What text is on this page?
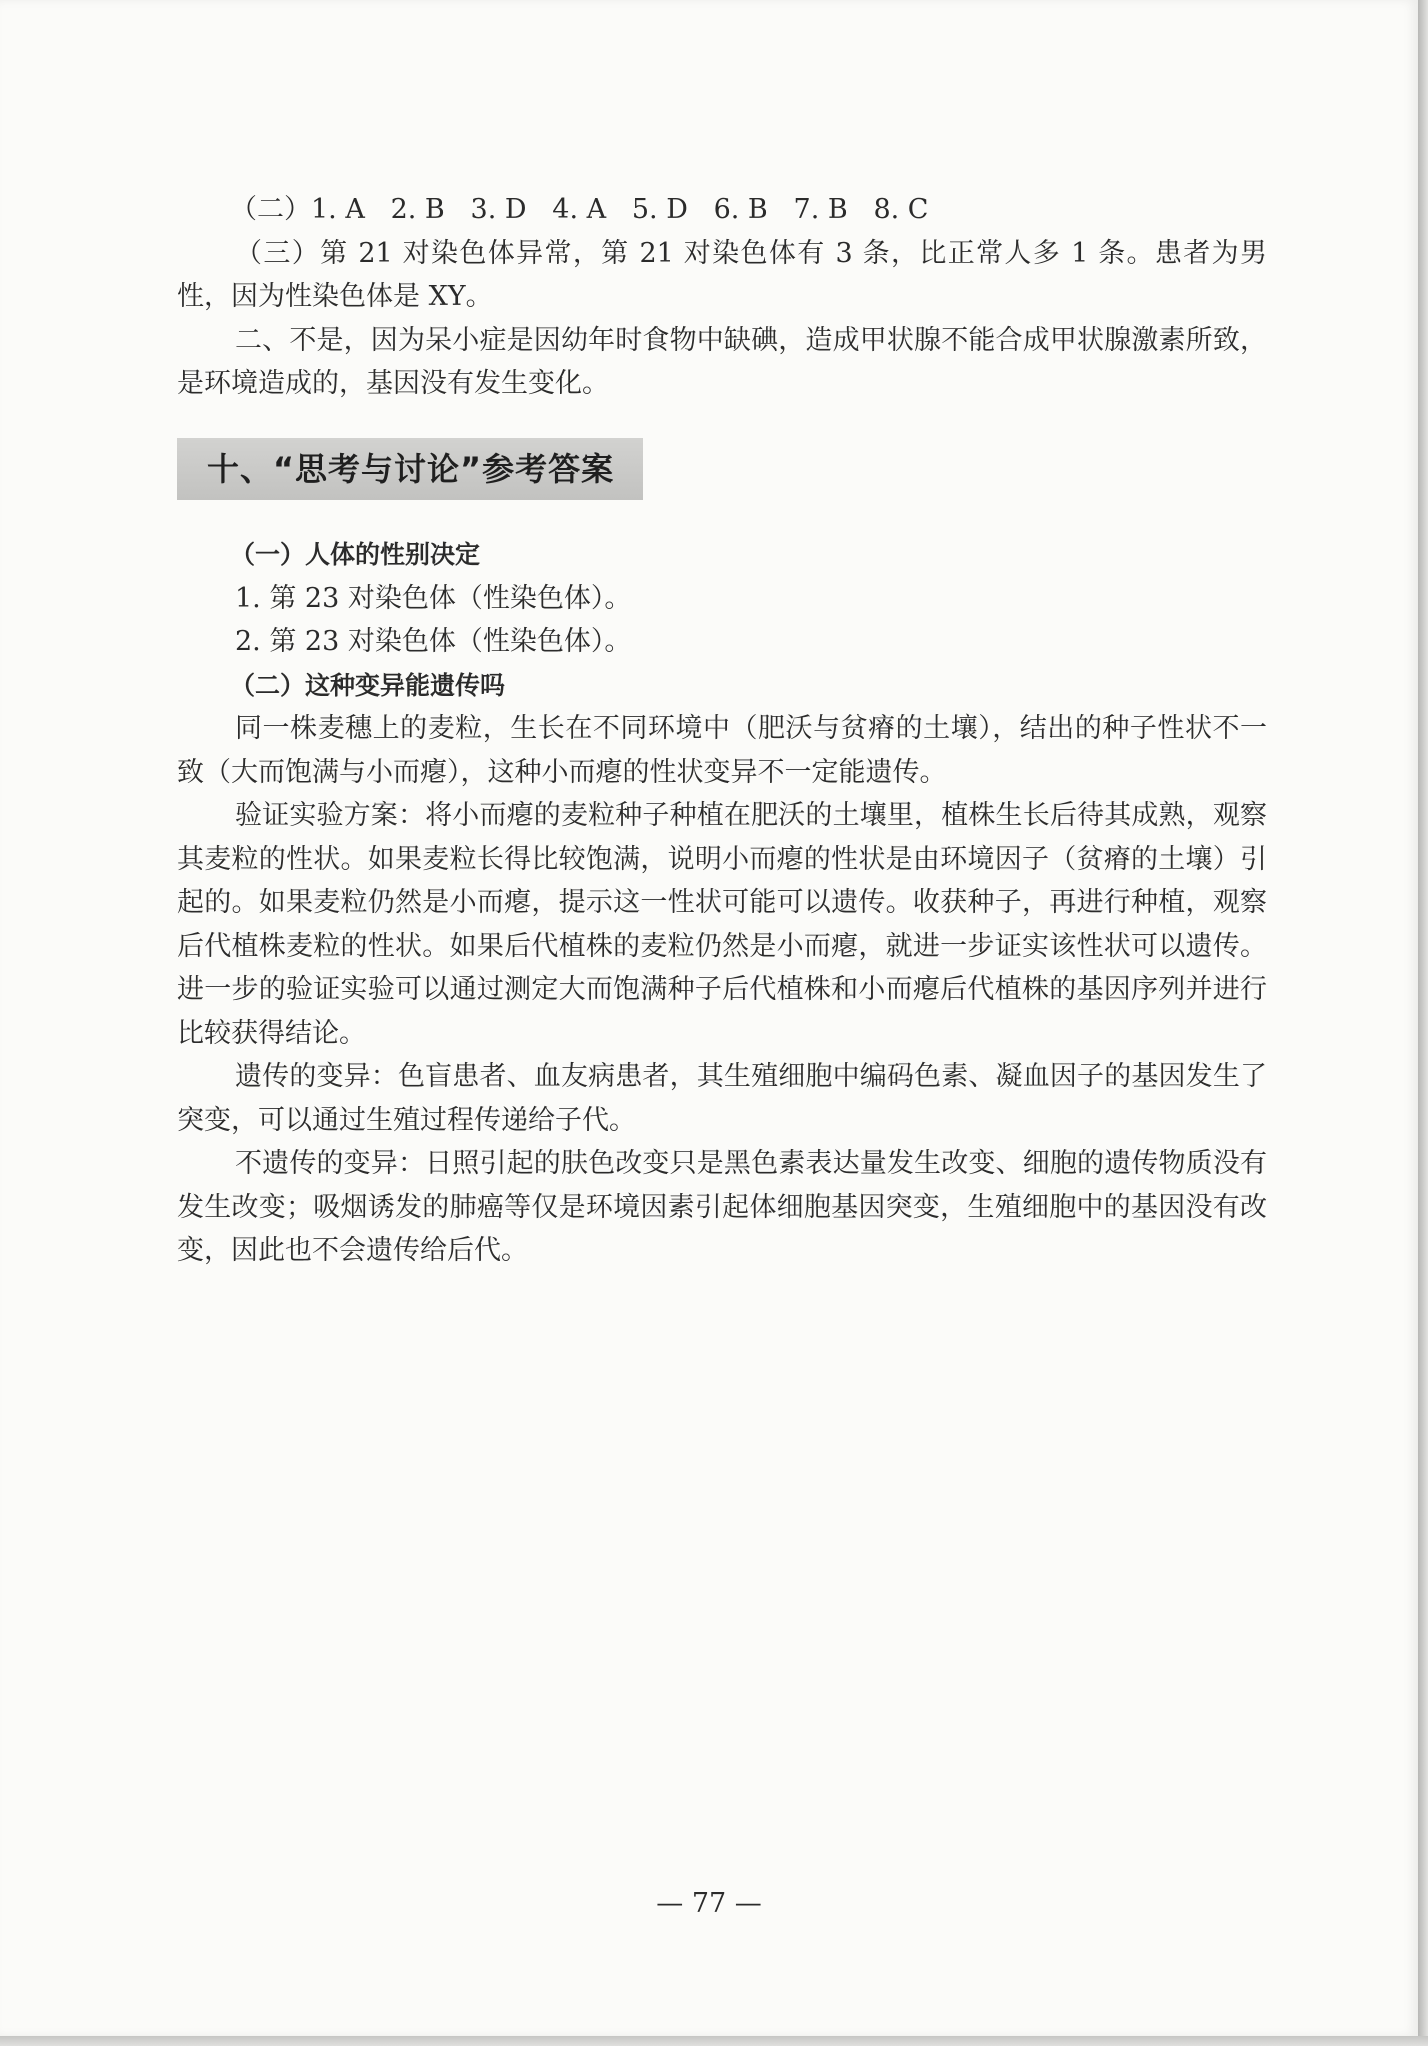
（二）1. A   2. B   3. D   4. A   5. D   6. B   7. B   8. C

（三）第 21 对染色体异常，第 21 对染色体有 3 条，比正常人多 1 条。患者为男性，因为性染色体是 XY。

二、不是，因为呆小症是因幼年时食物中缺碘，造成甲状腺不能合成甲状腺激素所致，是环境造成的，基因没有发生变化。

十、“思考与讨论”参考答案

（一）人体的性别决定

1. 第 23 对染色体（性染色体）。

2. 第 23 对染色体（性染色体）。

（二）这种变异能遗传吗

同一株麦穗上的麦粒，生长在不同环境中（肥沃与贫瘠的土壤），结出的种子性状不一致（大而饱满与小而瘪），这种小而瘪的性状变异不一定能遗传。

验证实验方案：将小而瘪的麦粒种子种植在肥沃的土壤里，植株生长后待其成熟，观察其麦粒的性状。如果麦粒长得比较饱满，说明小而瘪的性状是由环境因子（贫瘠的土壤）引起的。如果麦粒仍然是小而瘪，提示这一性状可能可以遗传。收获种子，再进行种植，观察后代植株麦粒的性状。如果后代植株的麦粒仍然是小而瘪，就进一步证实该性状可以遗传。进一步的验证实验可以通过测定大而饱满种子后代植株和小而瘪后代植株的基因序列并进行比较获得结论。

遗传的变异：色盲患者、血友病患者，其生殖细胞中编码色素、凝血因子的基因发生了突变，可以通过生殖过程传递给子代。

不遗传的变异：日照引起的肤色改变只是黑色素表达量发生改变、细胞的遗传物质没有发生改变；吸烟诱发的肺癌等仅是环境因素引起体细胞基因突变，生殖细胞中的基因没有改变，因此也不会遗传给后代。

— 77 —
